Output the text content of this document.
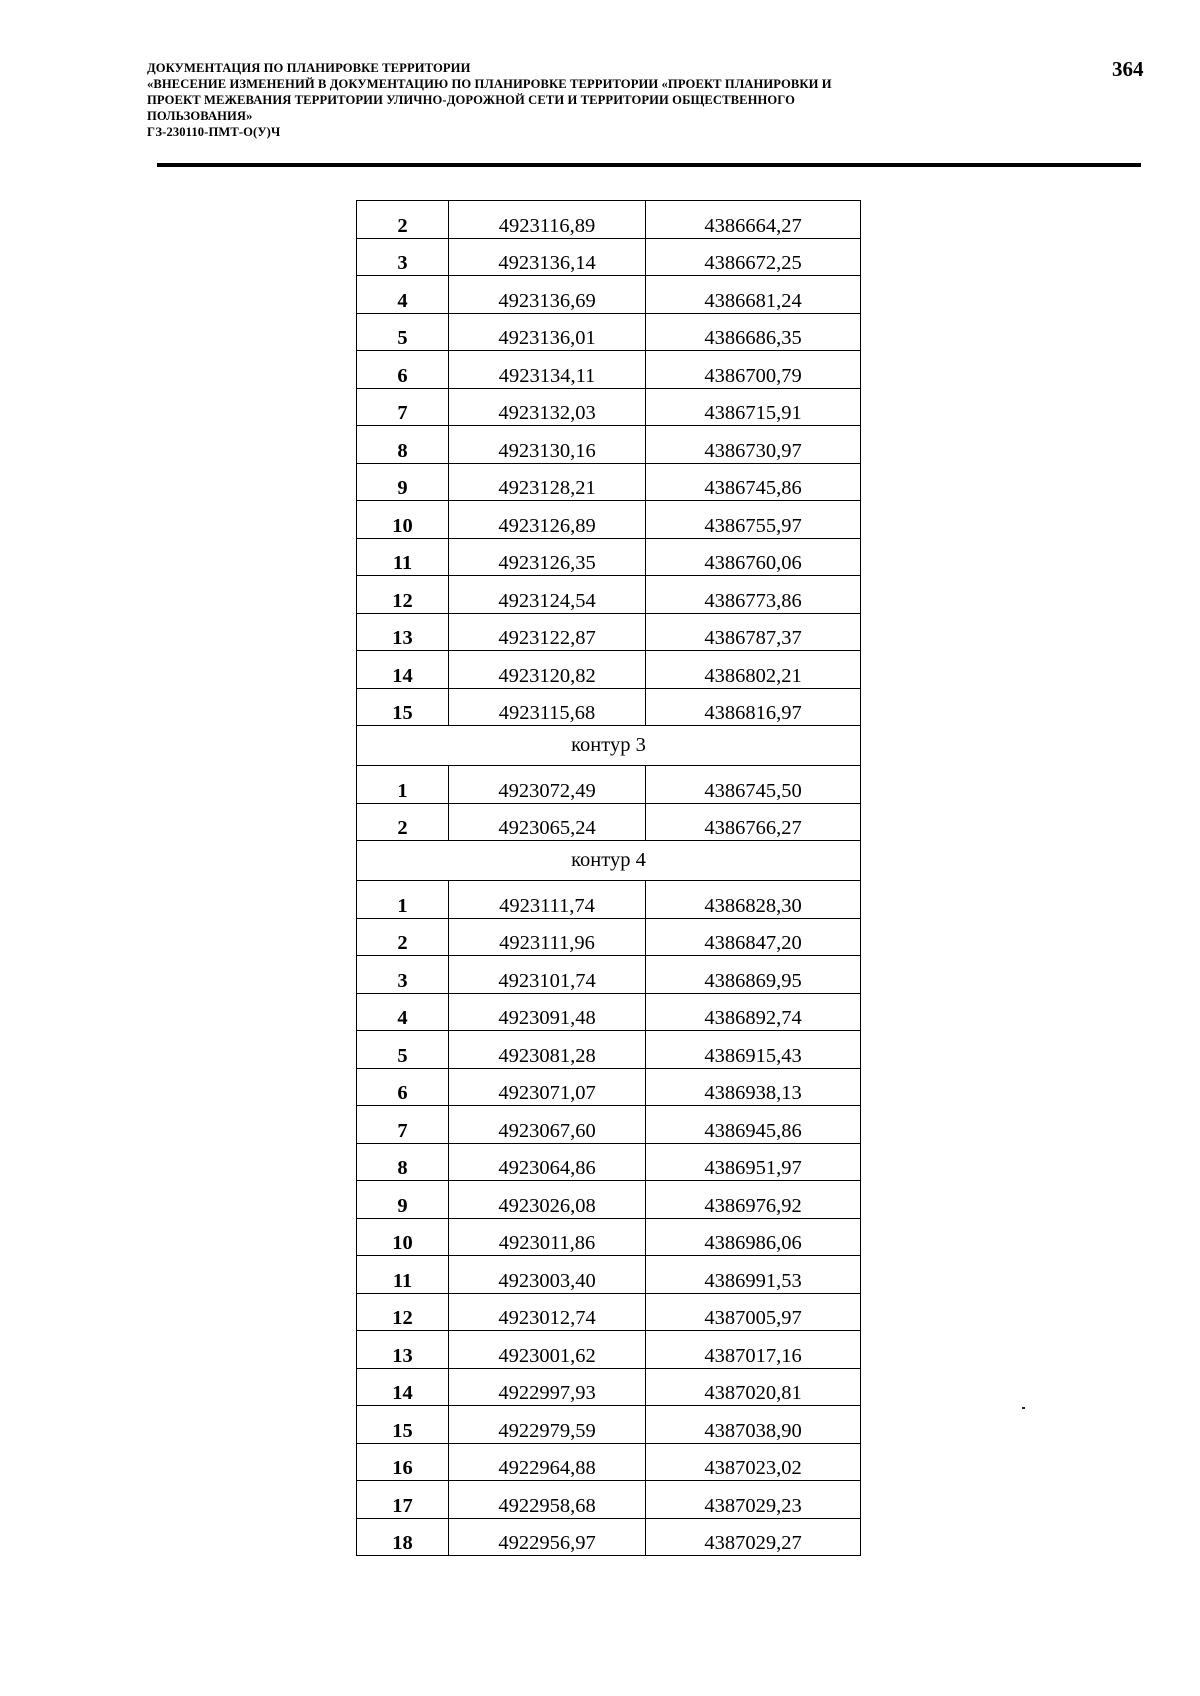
ДОКУМЕНТАЦИЯ ПО ПЛАНИРОВКЕ ТЕРРИТОРИИ
«ВНЕСЕНИЕ ИЗМЕНЕНИЙ В ДОКУМЕНТАЦИЮ ПО ПЛАНИРОВКЕ ТЕРРИТОРИИ «ПРОЕКТ ПЛАНИРОВКИ И
ПРОЕКТ МЕЖЕВАНИЯ ТЕРРИТОРИИ УЛИЧНО-ДОРОЖНОЙ СЕТИ И ТЕРРИТОРИИ ОБЩЕСТВЕННОГО
ПОЛЬЗОВАНИЯ»
ГЗ-230110-ПМТ-О(У)Ч
364
2	4923116,89	4386664,27
3	4923136,14	4386672,25
4	4923136,69	4386681,24
5	4923136,01	4386686,35
6	4923134,11	4386700,79
7	4923132,03	4386715,91
8	4923130,16	4386730,97
9	4923128,21	4386745,86
10	4923126,89	4386755,97
11	4923126,35	4386760,06
12	4923124,54	4386773,86
13	4923122,87	4386787,37
14	4923120,82	4386802,21
15	4923115,68	4386816,97
контур 3		
1	4923072,49	4386745,50
2	4923065,24	4386766,27
контур 4		
1	4923111,74	4386828,30
2	4923111,96	4386847,20
3	4923101,74	4386869,95
4	4923091,48	4386892,74
5	4923081,28	4386915,43
6	4923071,07	4386938,13
7	4923067,60	4386945,86
8	4923064,86	4386951,97
9	4923026,08	4386976,92
10	4923011,86	4386986,06
11	4923003,40	4386991,53
12	4923012,74	4387005,97
13	4923001,62	4387017,16
14	4922997,93	4387020,81
15	4922979,59	4387038,90
16	4922964,88	4387023,02
17	4922958,68	4387029,23
18	4922956,97	4387029,27
